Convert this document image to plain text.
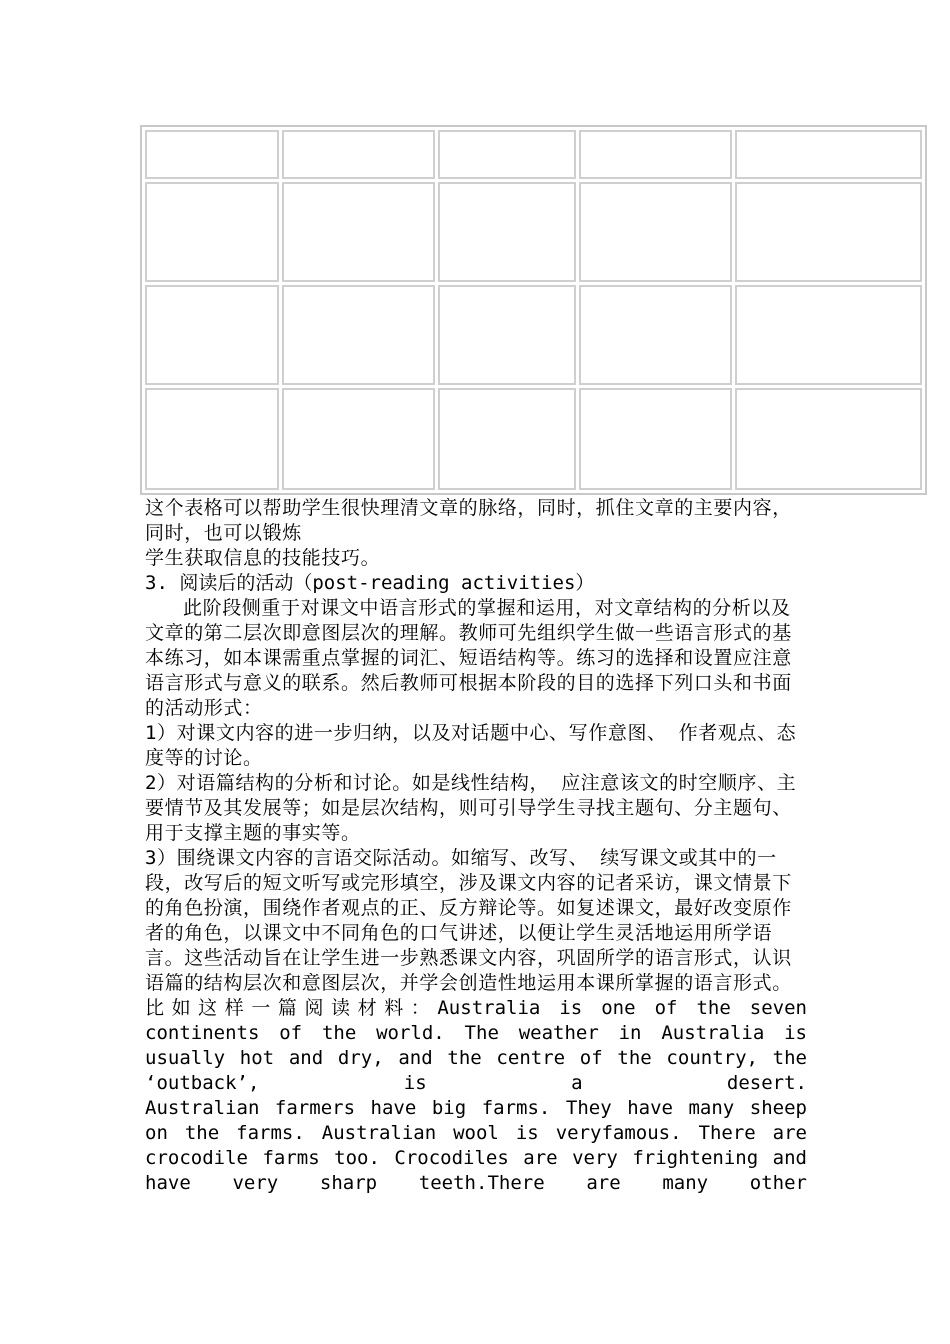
这个表格可以帮助学生很快理清文章的脉络，同时，抓住文章的主要内容，同时，也可以锻炼

学生获取信息的技能技巧。

3. 阅读后的活动（post-reading activities）

此阶段侧重于对课文中语言形式的掌握和运用，对文章结构的分析以及文章的第二层次即意图层次的理解。教师可先组织学生做一些语言形式的基本练习，如本课需重点掌握的词汇、短语结构等。练习的选择和设置应注意语言形式与意义的联系。然后教师可根据本阶段的目的选择下列口头和书面的活动形式：

1）对课文内容的进一步归纳，以及对话题中心、写作意图、 作者观点、态度等的讨论。

2）对语篇结构的分析和讨论。如是线性结构， 应注意该文的时空顺序、主要情节及其发展等；如是层次结构，则可引导学生寻找主题句、分主题句、用于支撑主题的事实等。

3）围绕课文内容的言语交际活动。如缩写、改写、 续写课文或其中的一段，改写后的短文听写或完形填空，涉及课文内容的记者采访，课文情景下的角色扮演，围绕作者观点的正、反方辩论等。如复述课文，最好改变原作者的角色，以课文中不同角色的口气讲述，以便让学生灵活地运用所学语言。这些活动旨在让学生进一步熟悉课文内容，巩固所学的语言形式，认识语篇的结构层次和意图层次，并学会创造性地运用本课所掌握的语言形式。

比如这样一篇阅读材料：Australia is one of the seven continents of the world. The weather in Australia is usually hot and dry, and the centre of the country, the ‘outback’, is a desert.

Australian farmers have big farms. They have many sheep on the farms. Australian wool is veryfamous. There are crocodile farms too. Crocodiles are very frightening and have very sharp teeth.There are many other
